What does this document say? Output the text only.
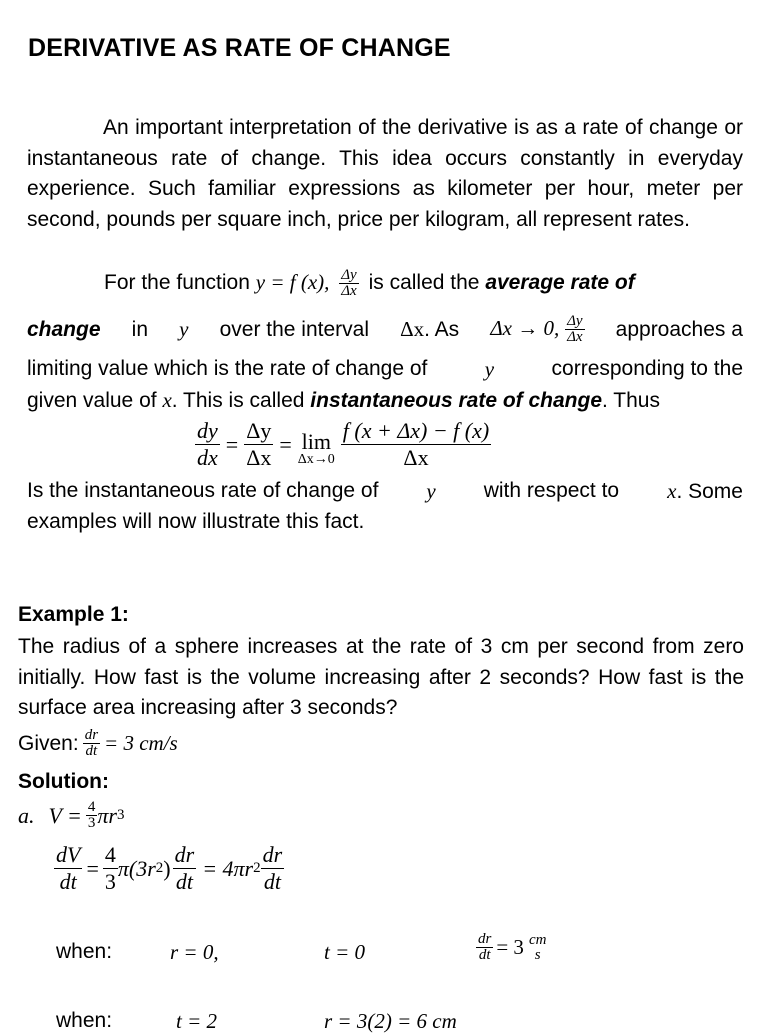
DERIVATIVE AS RATE OF CHANGE
An important interpretation of the derivative is as a rate of change or instantaneous rate of change. This idea occurs constantly in everyday experience. Such familiar expressions as kilometer per hour, meter per second, pounds per square inch, price per kilogram, all represent rates.
For the function y = f (x), $\frac{\Delta y}{\Delta x}$ is called the average rate of
change in y over the interval Δx. As Δx → 0, $\frac{\Delta y}{\Delta x}$ approaches a
limiting value which is the rate of change of	y	corresponding to the
given value of x. This is called instantaneous rate of change. Thus
$\frac{dy}{dx} = \frac{\Delta y}{\Delta x} = \lim$
$\Delta x\to 0 \frac{f (x + \Delta x) - f (x)}{\Delta x}$
Is the instantaneous rate of change of y with respect to x. Some
examples will now illustrate this fact.
Example 1:
The radius of a sphere increases at the rate of 3 cm per second from zero initially. How fast is the volume increasing after 2 seconds? How fast is the surface area increasing after 3 seconds?
Given: $\frac{dr}{dt} = 3$ cm/s
Solution:
a. $V = \frac{4}{3}$ πr 3
$\frac{dV}{dt} = \frac{4}{3} \pi(3r$ 2 ) $\frac{dr}{dt} = 4\pi r$ $2 \frac{dr}{dt}$
when:	r = 0,	t = 0	$\frac{dr}{dt} = 3$ cm
s
when:	t = 2	r = 3(2) = 6 cm
